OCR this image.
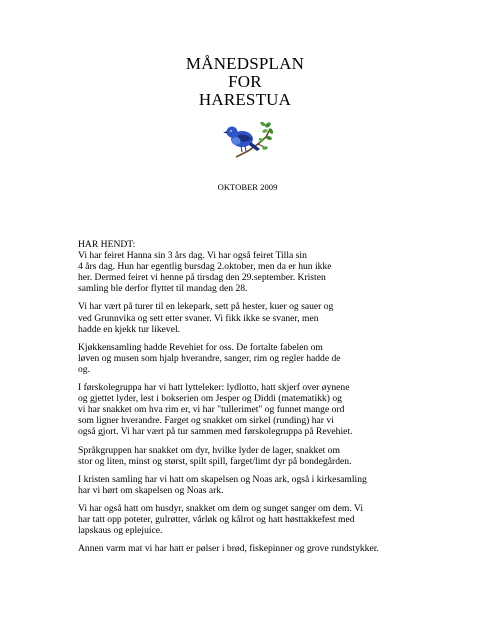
MÅNEDSPLAN
FOR
HARESTUA
OKTOBER 2009
HAR HENDT:

Vi har feiret Hanna sin 3 års dag. Vi har også feiret Tilla sin
4 års dag. Hun har egentlig bursdag 2.oktober, men da er hun ikke
her. Dermed feiret vi henne på tirsdag den 29.september. Kristen
samling ble derfor flyttet til mandag den 28.

Vi har vært på turer til en lekepark, sett på hester, kuer og sauer og
ved Grunnvika og sett etter svaner. Vi fikk ikke se svaner, men
hadde en kjekk tur likevel.

Kjøkkensamling hadde Revehiet for oss. De fortalte fabelen om
løven og musen som hjalp hverandre, sanger, rim og regler hadde de
og.

I førskolegruppa har vi hatt lytteleker: lydlotto, hatt skjerf over øynene
og gjettet lyder, lest i bokserien om Jesper og Diddi (matematikk) og
vi har snakket om hva rim er, vi har "tullerimet" og funnet mange ord
som ligner hverandre. Farget og snakket om sirkel (runding) har vi
også gjort. Vi har vært på tur sammen med førskolegruppa på Revehiet.

Språkgruppen har snakket om dyr, hvilke lyder de lager, snakket om
stor og liten, minst og størst, spilt spill, farget/limt dyr på bondegården.

I kristen samling har vi hatt om skapelsen og Noas ark, også i kirkesamling
har vi hørt om skapelsen og Noas ark.

Vi har også hatt om husdyr, snakket om dem og sunget sanger om dem. Vi
har tatt opp poteter, gulrøtter, vårløk og kålrot og hatt høsttakkefest med
lapskaus og eplejuice.

Annen varm mat vi har hatt er pølser i brød, fiskepinner og grove rundstykker.
